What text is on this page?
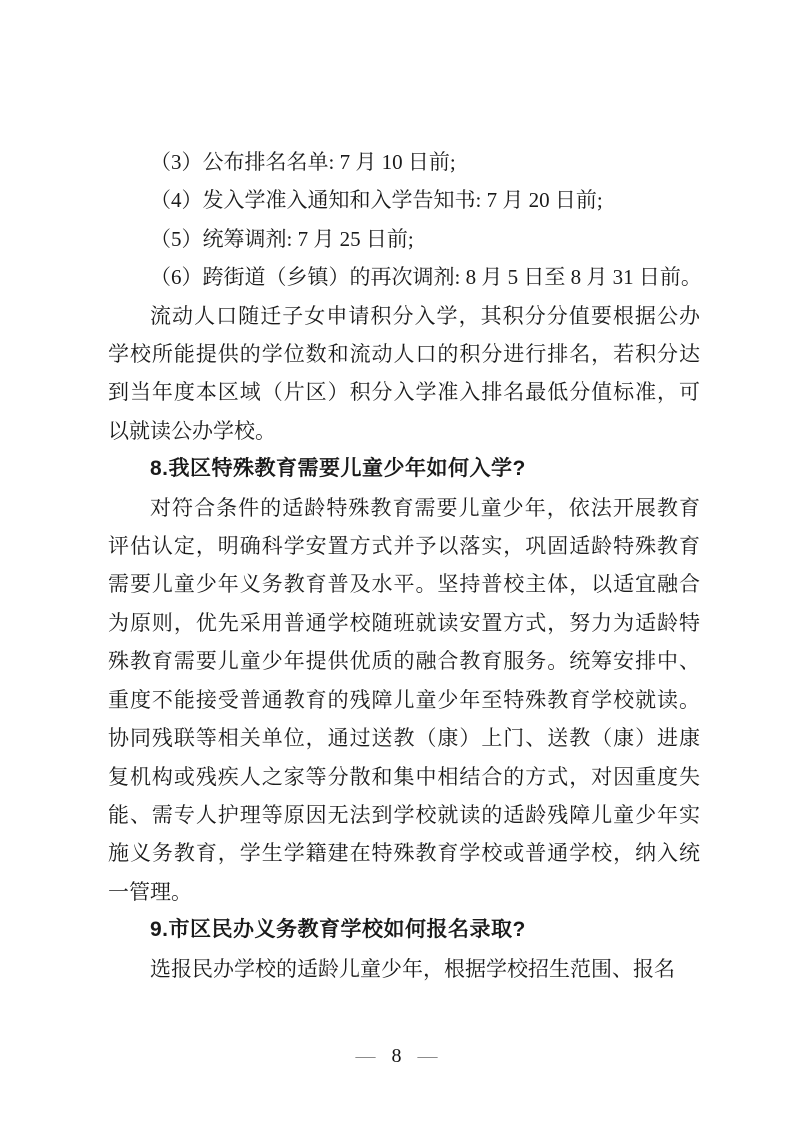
（3）公布排名名单: 7 月 10 日前;
（4）发入学准入通知和入学告知书: 7 月 20 日前;
（5）统筹调剂: 7 月 25 日前;
（6）跨街道（乡镇）的再次调剂: 8 月 5 日至 8 月 31 日前。
流动人口随迁子女申请积分入学，其积分分值要根据公办
学校所能提供的学位数和流动人口的积分进行排名，若积分达
到当年度本区域（片区）积分入学准入排名最低分值标准，可
以就读公办学校。
8.我区特殊教育需要儿童少年如何入学?
对符合条件的适龄特殊教育需要儿童少年，依法开展教育
评估认定，明确科学安置方式并予以落实，巩固适龄特殊教育
需要儿童少年义务教育普及水平。坚持普校主体，以适宜融合
为原则，优先采用普通学校随班就读安置方式，努力为适龄特
殊教育需要儿童少年提供优质的融合教育服务。统筹安排中、
重度不能接受普通教育的残障儿童少年至特殊教育学校就读。
协同残联等相关单位，通过送教（康）上门、送教（康）进康
复机构或残疾人之家等分散和集中相结合的方式，对因重度失
能、需专人护理等原因无法到学校就读的适龄残障儿童少年实
施义务教育，学生学籍建在特殊教育学校或普通学校，纳入统
一管理。
9.市区民办义务教育学校如何报名录取?
选报民办学校的适龄儿童少年，根据学校招生范围、报名
— 8 —
